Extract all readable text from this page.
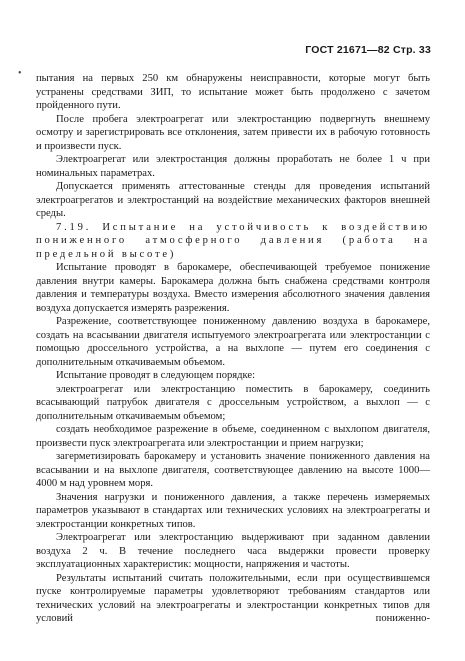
ГОСТ 21671—82 Стр. 33
• пытания на первых 250 км обнаружены неисправности, которые могут быть устранены средствами ЗИП, то испытание может быть продолжено с зачетом пройденного пути.

После пробега электроагрегат или электростанцию подвергнуть внешнему осмотру и зарегистрировать все отклонения, затем привести их в рабочую готовность и произвести пуск.

Электроагрегат или электростанция должны проработать не более 1 ч при номинальных параметрах.

Допускается применять аттестованные стенды для проведения испытаний электроагрегатов и электростанций на воздействие механических факторов внешней среды.

7.19. Испытание на устойчивость к воздействию пониженного атмосферного давления (работа на предельной высоте)

Испытание проводят в барокамере, обеспечивающей требуемое понижение давления внутри камеры. Барокамера должна быть снабжена средствами контроля давления и температуры воздуха. Вместо измерения абсолютного значения давления воздуха допускается измерять разрежения.

Разрежение, соответствующее пониженному давлению воздуха в барокамере, создать на всасывании двигателя испытуемого электроагрегата или электростанции с помощью дроссельного устройства, а на выхлопе — путем его соединения с дополнительным откачиваемым объемом.

Испытание проводят в следующем порядке:

электроагрегат или электростанцию поместить в барокамеру, соединить всасывающий патрубок двигателя с дроссельным устройством, а выхлоп — с дополнительным откачиваемым объемом;

создать необходимое разрежение в объеме, соединенном с выхлопом двигателя, произвести пуск электроагрегата или электростанции и прием нагрузки;

загерметизировать барокамеру и установить значение пониженного давления на всасывании и на выхлопе двигателя, соответствующее давлению на высоте 1000—4000 м над уровнем моря.

Значения нагрузки и пониженного давления, а также перечень измеряемых параметров указывают в стандартах или технических условиях на электроагрегаты и электростанции конкретных типов.

Электроагрегат или электростанцию выдерживают при заданном давлении воздуха 2 ч. В течение последнего часа выдержки провести проверку эксплуатационных характеристик: мощности, напряжения и частоты.

Результаты испытаний считать положительными, если при осуществившемся пуске контролируемые параметры удовлетворяют требованиям стандартов или технических условий на электроагрегаты и электростанции конкретных типов для условий пониженно-
